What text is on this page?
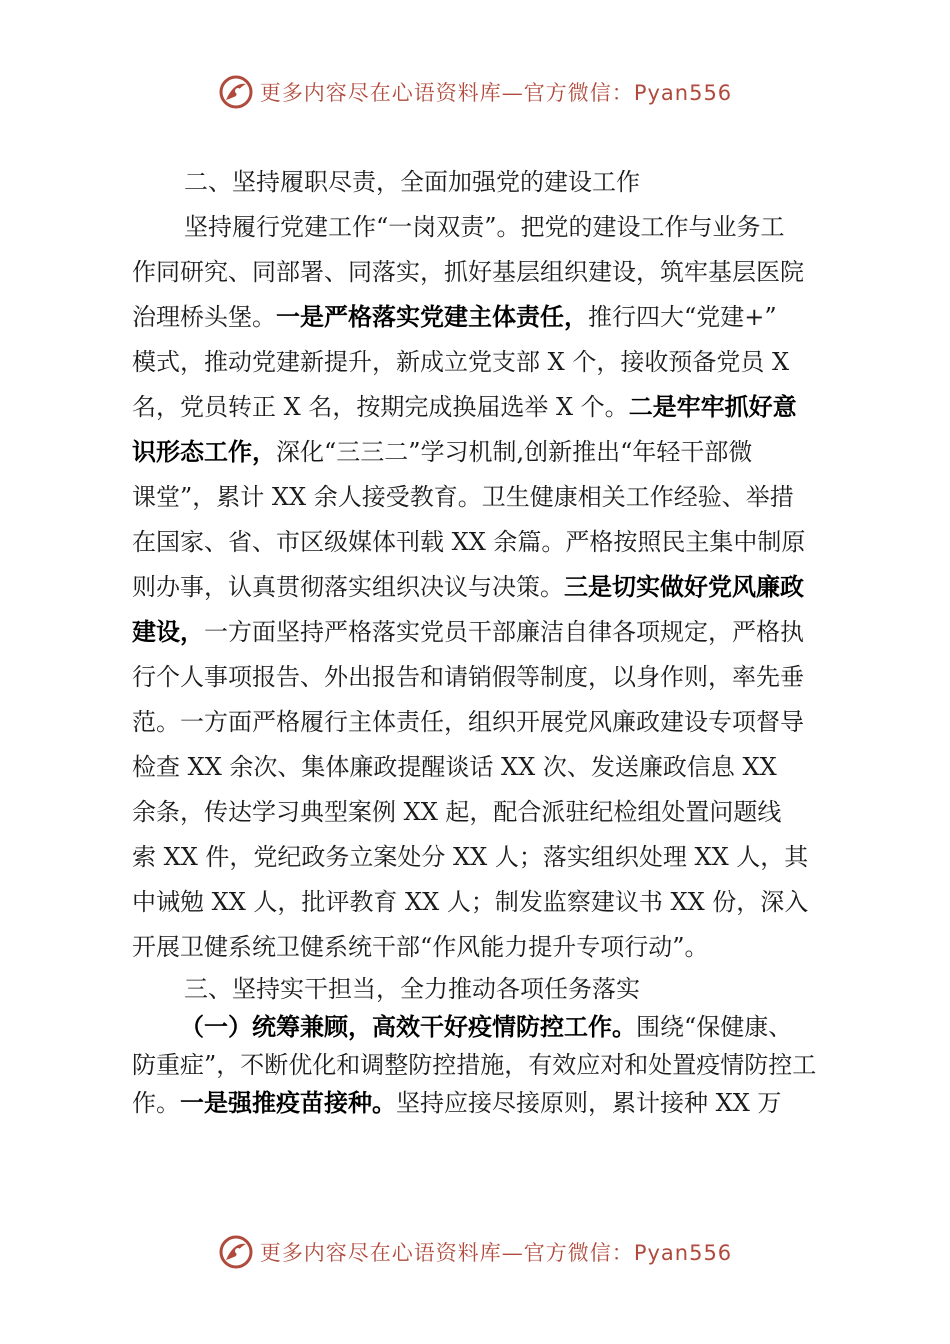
更多内容尽在心语资料库—官方微信：Pyan556
二、坚持履职尽责，全面加强党的建设工作
坚持履行党建工作“一岗双责”。把党的建设工作与业务工
作同研究、同部署、同落实，抓好基层组织建设，筑牢基层医院
治理桥头堡。一是严格落实党建主体责任，推行四大“党建+”
模式，推动党建新提升，新成立党支部 X 个，接收预备党员 X
名，党员转正 X 名，按期完成换届选举 X 个。二是牢牢抓好意
识形态工作，深化“三三二”学习机制,创新推出“年轻干部微
课堂”，累计 XX 余人接受教育。卫生健康相关工作经验、举措
在国家、省、市区级媒体刊载 XX 余篇。严格按照民主集中制原
则办事，认真贯彻落实组织决议与决策。三是切实做好党风廉政
建设，一方面坚持严格落实党员干部廉洁自律各项规定，严格执
行个人事项报告、外出报告和请销假等制度，以身作则，率先垂
范。一方面严格履行主体责任，组织开展党风廉政建设专项督导
检查 XX 余次、集体廉政提醒谈话 XX 次、发送廉政信息 XX
余条，传达学习典型案例 XX 起，配合派驻纪检组处置问题线
索 XX 件，党纪政务立案处分 XX 人；落实组织处理 XX 人，其
中诫勉 XX 人，批评教育 XX 人；制发监察建议书 XX 份，深入
开展卫健系统卫健系统干部“作风能力提升专项行动”。
三、坚持实干担当，全力推动各项任务落实
（一）统筹兼顾，高效干好疫情防控工作。围绕“保健康、
防重症”，不断优化和调整防控措施，有效应对和处置疫情防控工
作。一是强推疫苗接种。坚持应接尽接原则，累计接种 XX 万
更多内容尽在心语资料库—官方微信：Pyan556
